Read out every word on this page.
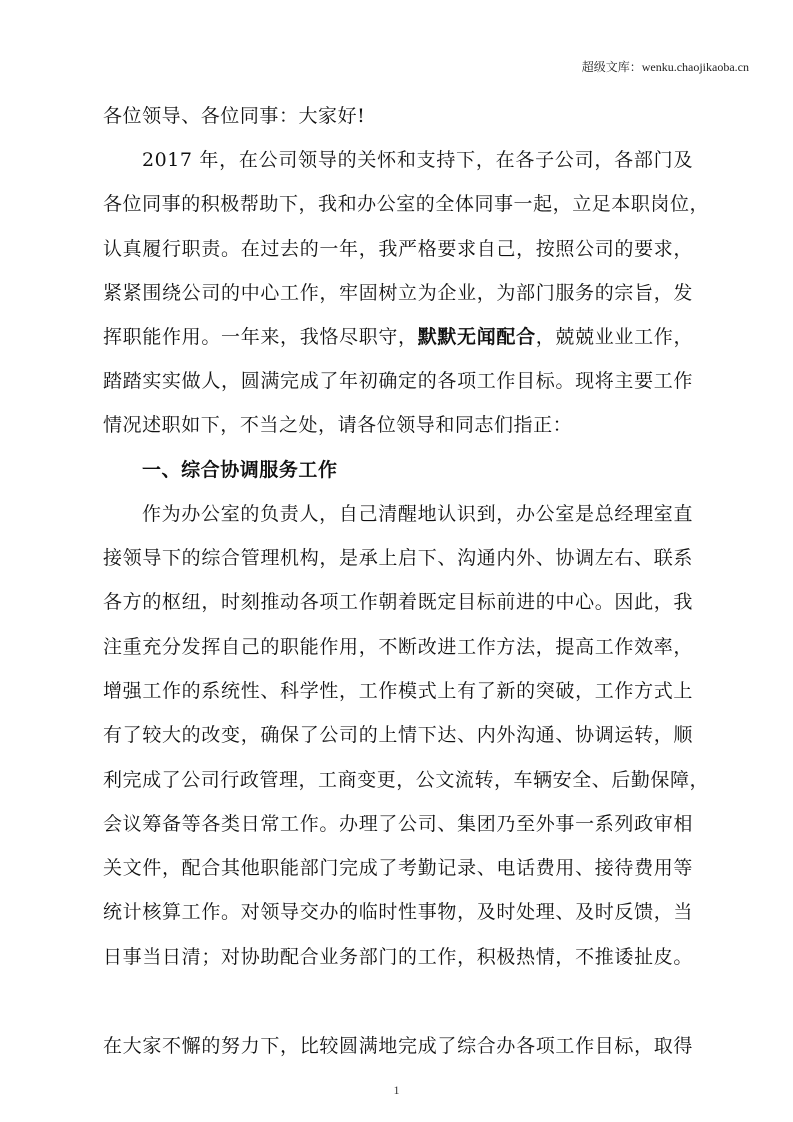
超级文库：wenku.chaojikaoba.cn
各位领导、各位同事：大家好!
2017 年，在公司领导的关怀和支持下，在各子公司，各部门及
各位同事的积极帮助下，我和办公室的全体同事一起，立足本职岗位，
认真履行职责。在过去的一年，我严格要求自己，按照公司的要求，
紧紧围绕公司的中心工作，牢固树立为企业，为部门服务的宗旨，发
挥职能作用。一年来，我恪尽职守，默默无闻配合，兢兢业业工作，
踏踏实实做人，圆满完成了年初确定的各项工作目标。现将主要工作
情况述职如下，不当之处，请各位领导和同志们指正：
一、综合协调服务工作
作为办公室的负责人，自己清醒地认识到，办公室是总经理室直
接领导下的综合管理机构，是承上启下、沟通内外、协调左右、联系
各方的枢纽，时刻推动各项工作朝着既定目标前进的中心。因此，我
注重充分发挥自己的职能作用，不断改进工作方法，提高工作效率，
增强工作的系统性、科学性，工作模式上有了新的突破，工作方式上
有了较大的改变，确保了公司的上情下达、内外沟通、协调运转，顺
利完成了公司行政管理，工商变更，公文流转，车辆安全、后勤保障，
会议筹备等各类日常工作。办理了公司、集团乃至外事一系列政审相
关文件，配合其他职能部门完成了考勤记录、电话费用、接待费用等
统计核算工作。对领导交办的临时性事物，及时处理、及时反馈，当
日事当日清；对协助配合业务部门的工作，积极热情，不推诿扯皮。
在大家不懈的努力下，比较圆满地完成了综合办各项工作目标，取得
1
